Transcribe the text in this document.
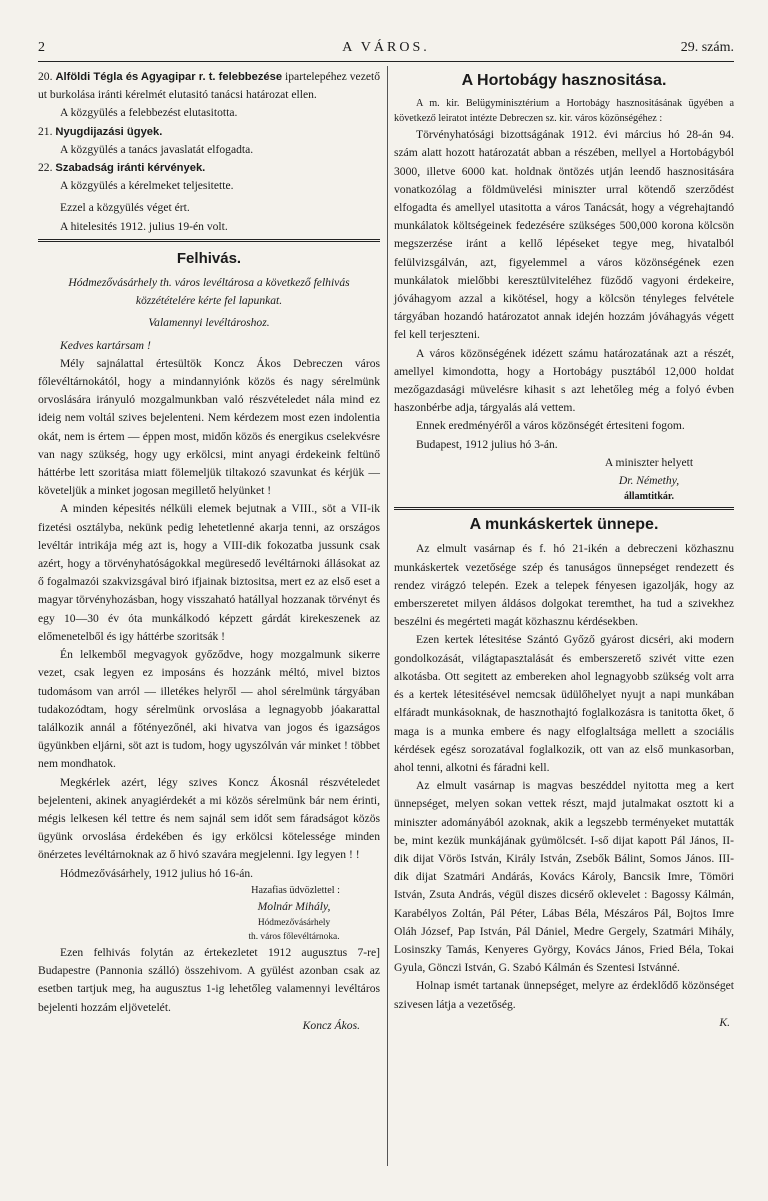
A VÁROS.
2	29. szám.

20. Alföldi Tégla és Agyagipar r. t. felebbezése ipartelepéhez vezető ut burkolása iránti kérelmét elutasitó tanácsi határozat ellen.

A közgyülés a felebbezést elutasitotta.

21. Nyugdijazási ügyek.

A közgyülés a tanács javaslatát elfogadta.

22. Szabadság iránti kérvények.

A közgyülés a kérelmeket teljesitette.

Ezzel a közgyülés véget ért.

A hitelesités 1912. julius 19-én volt.

Felhivás.

Hódmezővásárhely th. város levéltárosa a következő felhivás közzétételére kérte fel lapunkat.

Valamennyi levéltároshoz.

Kedves kartársam !

Mély sajnálattal értesültök Koncz Ákos Debreczen város főlevéltárnokától, hogy a mindannyiónk közös és nagy sérelmünk orvoslására irányuló mozgalmunkban való részvételedet nála mind ez ideig nem voltál szives bejelenteni. Nem kérdezem most ezen indolentia okát, nem is értem — éppen most, midőn közös és energikus cselekvésre van nagy szükség, hogy ugy erkölcsi, mint anyagi érdekeink feltünő háttérbe lett szoritása miatt fölemeljük tiltakozó szavunkat és kérjük — követeljük a minket jogosan megillető helyünket !

A minden képesités nélküli elemek bejutnak a VIII., söt a VII-ik fizetési osztályba, nekünk pedig lehetetlenné akarja tenni, az országos levéltár intrikája még azt is, hogy a VIII-dik fokozatba jussunk csak azért, hogy a törvényhatóságokkal megüresedő levéltárnoki állásokat az ő fogalmazói szakvizsgával biró ifjainak biztositsa, mert ez az első eset a magyar törvényhozásban, hogy visszaható hatállyal hozzanak törvényt és egy 10—30 év óta munkálkodó képzett gárdát kirekeszenek az előmenetelből és igy háttérbe szoritsák !

Én lelkemből megvagyok győződve, hogy mozgalmunk sikerre vezet, csak legyen ez imposáns és hozzánk méltó, mivel biztos tudomásom van arról — illetékes helyről — ahol sérelmünk tárgyában tudakozódtam, hogy sérelmünk orvoslása a legnagyobb jóakarattal találkozik annál a főtényezőnél, aki hivatva van jogos és igazságos ügyünkben eljárni, söt azt is tudom, hogy ugyszólván vár minket ! többet nem mondhatok.

Megkérlek azért, légy szives Koncz Ákosnál részvételedet bejelenteni, akinek anyagiérdekét a mi közös sérelmünk bár nem érinti, mégis lelkesen kél tettre és nem sajnál sem időt sem fáradságot közös ügyünk orvoslása érdekében és igy erkölcsi kötelessége minden önérzetes levéltárnoknak az ő hivó szavára megjelenni. Igy legyen ! !

Hódmezővásárhely, 1912 julius hó 16-án.

Hazafias üdvözlettel :

Molnár Mihály,
Hódmezővásárhely
th. város főlevéltárnoka.

Ezen felhivás folytán az értekezletet 1912 augusztus 7-re] Budapestre (Pannonia szálló) összehivom. A gyülést azonban csak az esetben tartjuk meg, ha augusztus 1-ig lehetőleg valamennyi levéltáros bejelenti hozzám eljövetelét.

Koncz Ákos.

A Hortobágy hasznositása.

A m. kir. Belügyminisztérium a Hortobágy hasznositásának ügyében a következő leiratot intézte Debreczen sz. kir. város közönségéhez :

Törvényhatósági bizottságának 1912. évi március hó 28-án 94. szám alatt hozott határozatát abban a részében, mellyel a Hortobágyból 3000, illetve 6000 kat. holdnak öntözés utján leendő hasznositására vonatkozólag a földmüvelési miniszter urral kötendő szerződést elfogadta és amellyel utasitotta a város Tanácsát, hogy a végrehajtandó munkálatok költségeinek fedezésére szükséges 500,000 korona kölcsön megszerzése iránt a kellő lépéseket tegye meg, hivatalból felülvizsgálván, azt, figyelemmel a város közönségének ezen munkálatok mielőbbi keresztülviteléhez füződő vagyoni érdekeire, jóváhagyom azzal a kikötésel, hogy a kölcsön tényleges felvétele tárgyában hozandó határozatot annak idején hozzám jóváhagyás végett fel kell terjeszteni.

A város közönségének idézett számu határozatának azt a részét, amellyel kimondotta, hogy a Hortobágy pusztából 12,000 holdat mezőgazdasági müvelésre kihasit s azt lehetőleg még a folyó évben haszonbérbe adja, tárgyalás alá vettem.

Ennek eredményéről a város közönségét értesiteni fogom.

Budapest, 1912 julius hó 3-án.

A miniszter helyett
Dr. Némethy,
államtitkár.
A munkáskertek ünnepe.

Az elmult vasárnap és f. hó 21-ikén a debreczeni közhasznu munkáskertek vezetősége szép és tanuságos ünnepséget rendezett és rendez virágzó telepén. Ezek a telepek fényesen igazolják, hogy az emberszeretet milyen áldásos dolgokat teremthet, ha tud a szivekhez beszélni és megérteti magát közhasznu kérdésekben.

Ezen kertek létesitése Szántó Győző gyárost dicséri, aki modern gondolkozását, világtapasztalását és emberszerető szivét vitte ezen alkotásba. Ott segitett az embereken ahol legnagyobb szükség volt arra és a kertek létesitésével nemcsak üdülőhelyet nyujt a napi munkában elfáradt munkásoknak, de hasznothajtó foglalkozásra is tanitotta őket, ő maga is a munka embere és nagy elfoglaltsága mellett a szociális kérdések egész sorozatával foglalkozik, ott van az első munkasorban, ahol tenni, alkotni és fáradni kell.

Az elmult vasárnap is magvas beszéddel nyitotta meg a kert ünnepséget, melyen sokan vettek részt, majd jutalmakat osztott ki a miniszter adományából azoknak, akik a legszebb terményeket mutatták be, mint kezük munkájának gyümölcsét. I-ső dijat kapott Pál János, II-dik dijat Vörös István, Király István, Zsebők Bálint, Somos János. III-dik dijat Szatmári Andárás, Kovács Károly, Bancsik Imre, Tömöri István, Zsuta András, végül diszes dicsérő oklevelet : Bagossy Kálmán, Karabélyos Zoltán, Pál Péter, Lábas Béla, Mészáros Pál, Bojtos Imre Oláh József, Pap István, Pál Dániel, Medre Gergely, Szatmári Mihály, Losinszky Tamás, Kenyeres György, Kovács János, Fried Béla, Tokai Gyula, Gönczi István, G. Szabó Kálmán és Szentesi Istvánné.

Holnap ismét tartanak ünnepséget, melyre az érdeklődő közönséget szivesen látja a vezetőség.

K.
